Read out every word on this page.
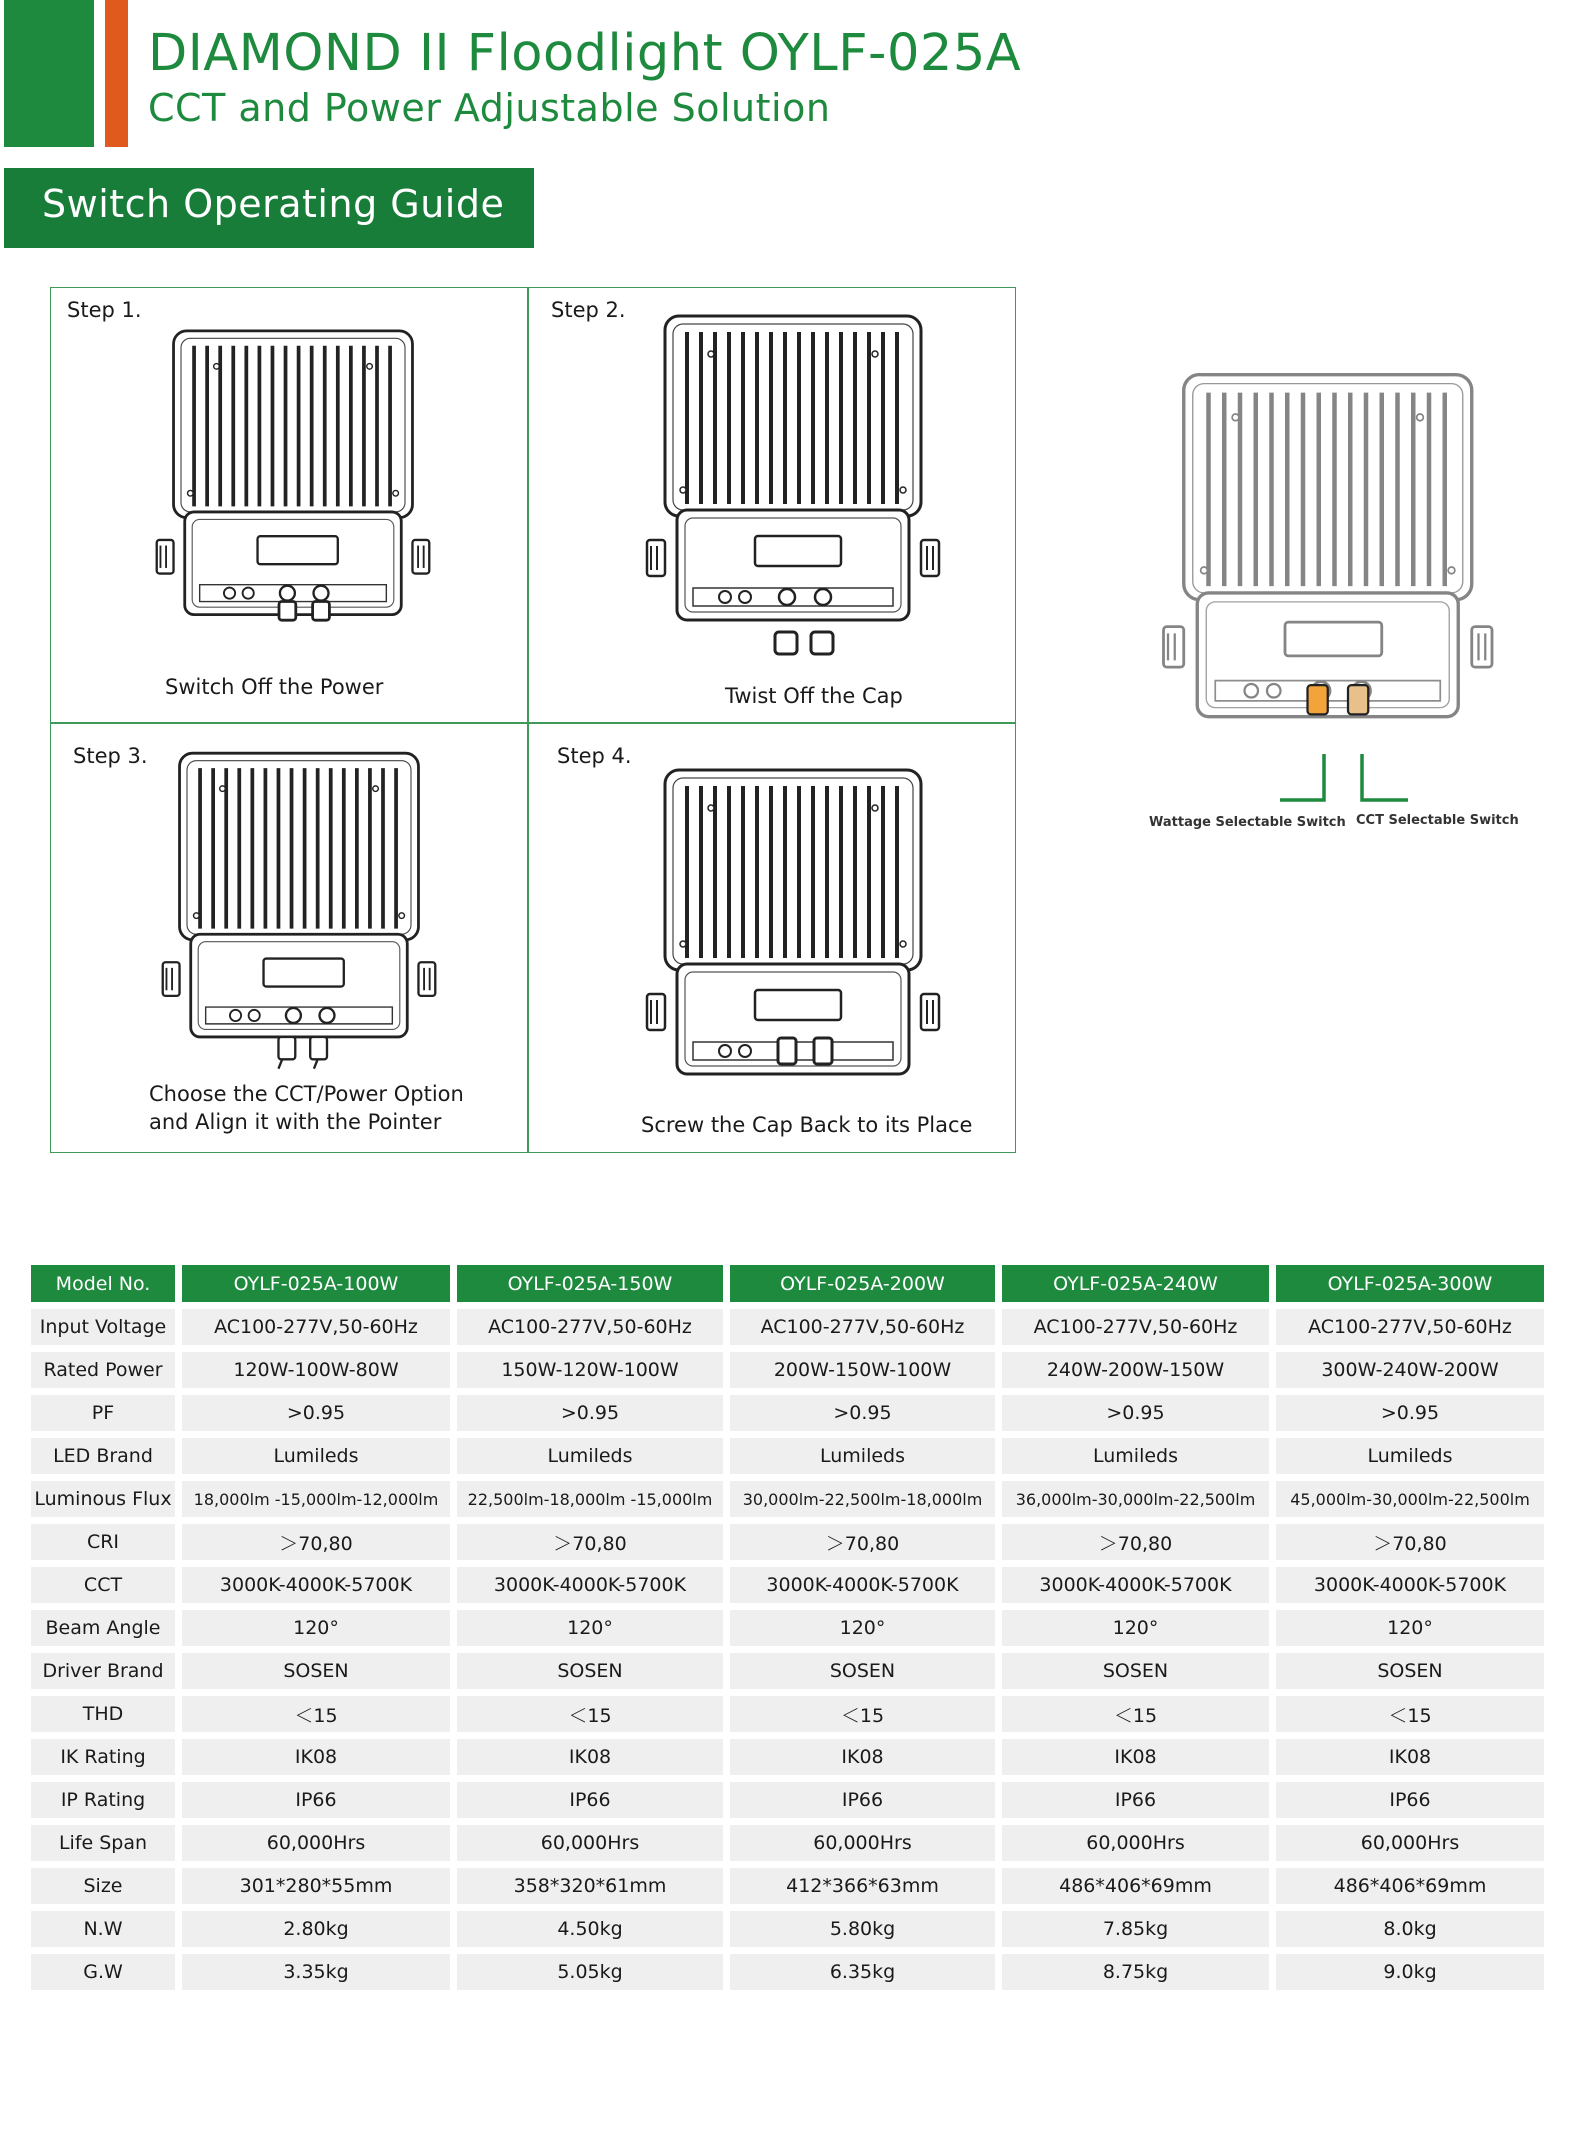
DIAMOND II Floodlight OYLF-025A
CCT and Power Adjustable Solution
Switch Operating Guide
Step 1.
Switch Off the Power
Step 2.
Twist Off the Cap
Step 3.
Choose the CCT/Power Option
and Align it with the Pointer
Step 4.
Screw the Cap Back to its Place
Wattage Selectable Switch CCT Selectable Switch
Model No.	OYLF-025A-100W	OYLF-025A-150W	OYLF-025A-200W	OYLF-025A-240W	OYLF-025A-300W
Input Voltage	AC100-277V,50-60Hz	AC100-277V,50-60Hz	AC100-277V,50-60Hz	AC100-277V,50-60Hz	AC100-277V,50-60Hz
Rated Power	120W-100W-80W	150W-120W-100W	200W-150W-100W	240W-200W-150W	300W-240W-200W
PF	>0.95	>0.95	>0.95	>0.95	>0.95
LED Brand	Lumileds	Lumileds	Lumileds	Lumileds	Lumileds
Luminous Flux	18,000lm -15,000lm-12,000lm	22,500lm-18,000lm -15,000lm	30,000lm-22,500lm-18,000lm	36,000lm-30,000lm-22,500lm	45,000lm-30,000lm-22,500lm
CRI	＞70,80	＞70,80	＞70,80	＞70,80	＞70,80
CCT	3000K-4000K-5700K	3000K-4000K-5700K	3000K-4000K-5700K	3000K-4000K-5700K	3000K-4000K-5700K
Beam Angle	120°	120°	120°	120°	120°
Driver Brand	SOSEN	SOSEN	SOSEN	SOSEN	SOSEN
THD	＜15	＜15	＜15	＜15	＜15
IK Rating	IK08	IK08	IK08	IK08	IK08
IP Rating	IP66	IP66	IP66	IP66	IP66
Life Span	60,000Hrs	60,000Hrs	60,000Hrs	60,000Hrs	60,000Hrs
Size	301*280*55mm	358*320*61mm	412*366*63mm	486*406*69mm	486*406*69mm
N.W	2.80kg	4.50kg	5.80kg	7.85kg	8.0kg
G.W	3.35kg	5.05kg	6.35kg	8.75kg	9.0kg
